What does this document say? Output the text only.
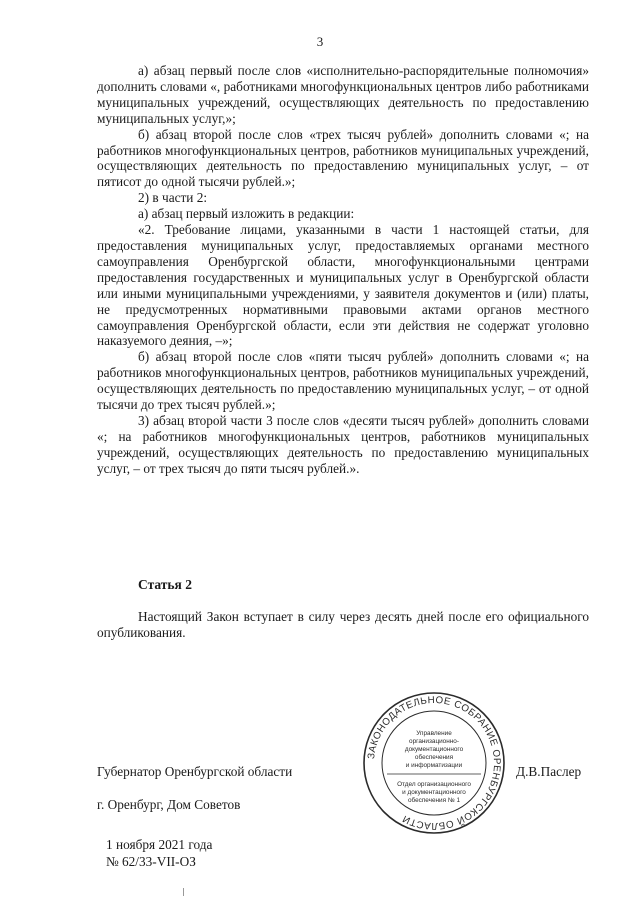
3

а) абзац первый после слов «исполнительно-распорядительные полномочия» дополнить словами «, работниками многофункциональных центров либо работниками муниципальных учреждений, осуществляющих деятельность по предоставлению муниципальных услуг,»;

б) абзац второй после слов «трех тысяч рублей» дополнить словами «; на работников многофункциональных центров, работников муниципальных учреждений, осуществляющих деятельность по предоставлению муниципальных услуг, – от пятисот до одной тысячи рублей.»;

2) в части 2:

а) абзац первый изложить в редакции:

«2. Требование лицами, указанными в части 1 настоящей статьи, для предоставления муниципальных услуг, предоставляемых органами местного самоуправления Оренбургской области, многофункциональными центрами предоставления государственных и муниципальных услуг в Оренбургской области или иными муниципальными учреждениями, у заявителя документов и (или) платы, не предусмотренных нормативными правовыми актами органов местного самоуправления Оренбургской области, если эти действия не содержат уголовно наказуемого деяния, –»;

б) абзац второй после слов «пяти тысяч рублей» дополнить словами «; на работников многофункциональных центров, работников муниципальных учреждений, осуществляющих деятельность по предоставлению муниципальных услуг, – от одной тысячи до трех тысяч рублей.»;

3) абзац второй части 3 после слов «десяти тысяч рублей» дополнить словами «; на работников многофункциональных центров, работников муниципальных учреждений, осуществляющих деятельность по предоставлению муниципальных услуг, – от трех тысяч до пяти тысяч рублей.».

Статья 2

Настоящий Закон вступает в силу через десять дней после его официального опубликования.

ЗАКОНОДАТЕЛЬНОЕ СОБРАНИЕ ОРЕНБУРГСКОЙ ОБЛАСТИ
Управление
организационно-
документационного
обеспечения
и информатизации
Отдел организационного
и документационного
обеспечения № 1
Губернатор Оренбургской области	Д.В.Паслер
г. Оренбург, Дом Советов
1 ноября 2021 года
№ 62/33-VII-ОЗ
